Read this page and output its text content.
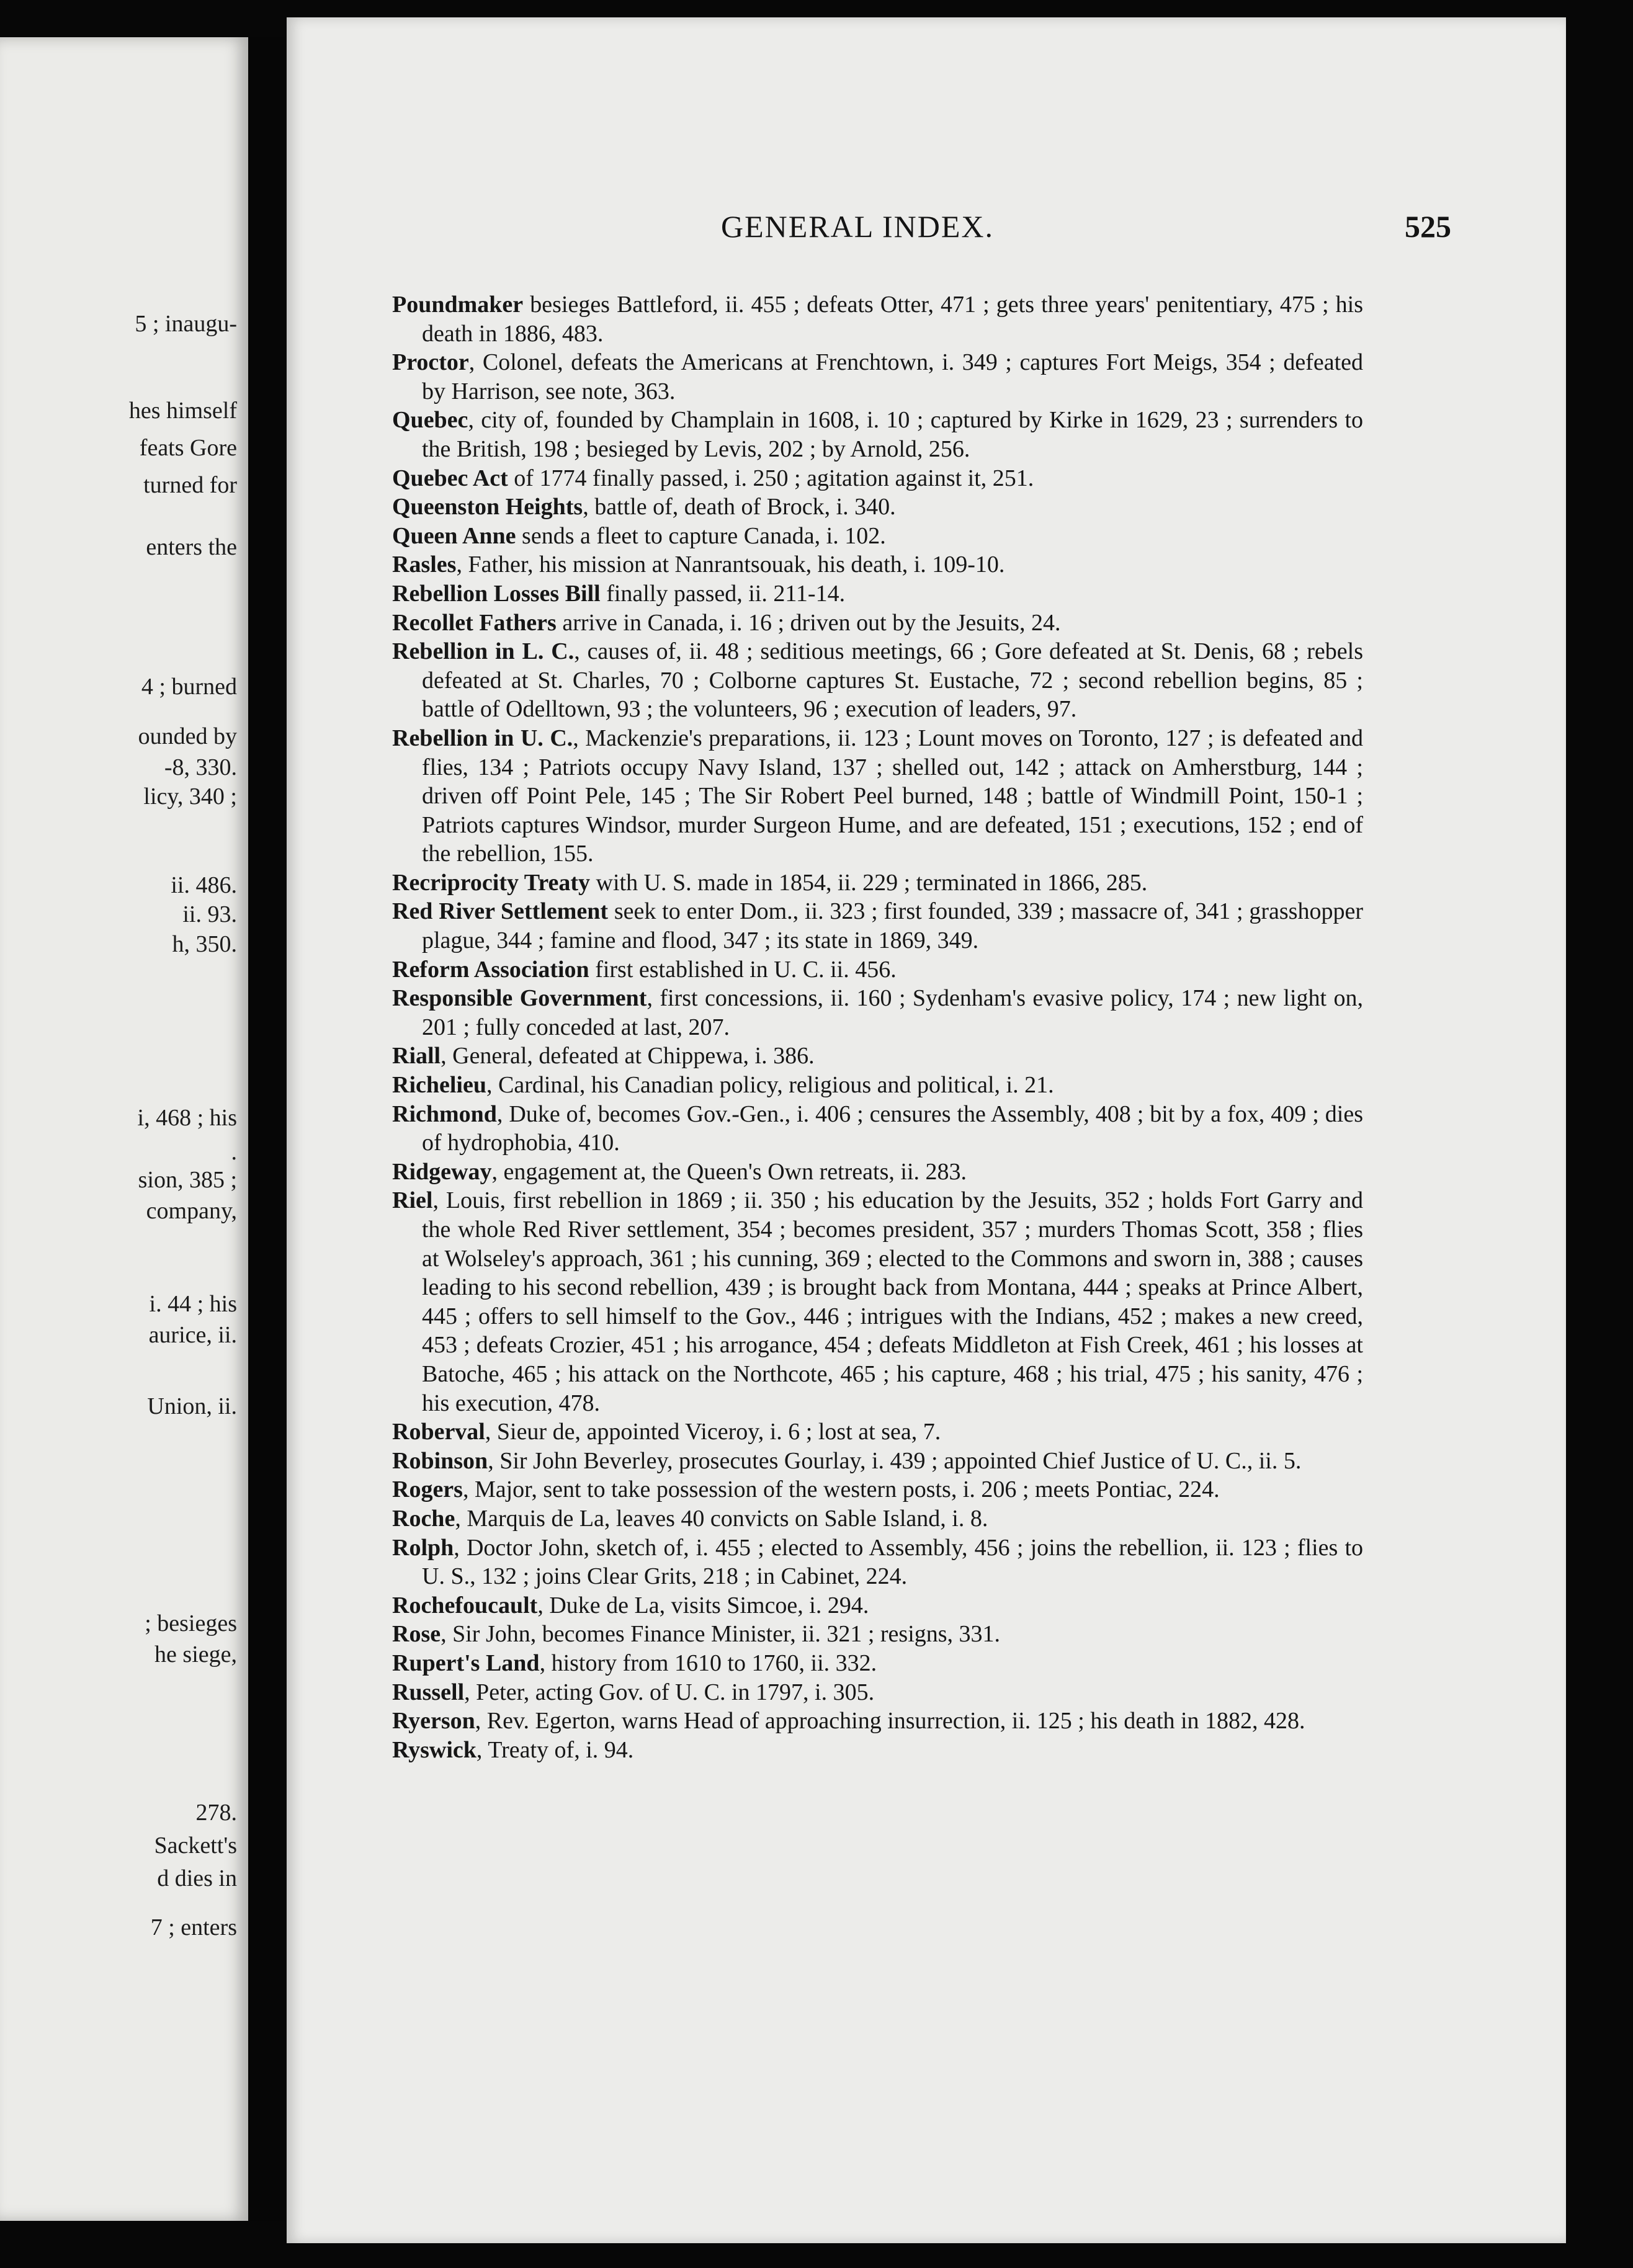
5 ; inaugu-
hes himself
feats Gore
turned for
enters the
4 ; burned
ounded by
-8, 330.
licy, 340 ;
ii. 486.
ii. 93.
h, 350.
i, 468 ; his
.
sion, 385 ;
company,
i. 44 ; his
aurice, ii.
Union, ii.
; besieges
he siege,
278.
Sackett's
d dies in
7 ; enters
GENERAL INDEX.	525

Poundmaker besieges Battleford, ii. 455 ; defeats Otter, 471 ; gets three years' penitentiary, 475 ; his death in 1886, 483.

Proctor, Colonel, defeats the Americans at Frenchtown, i. 349 ; captures Fort Meigs, 354 ; defeated by Harrison, see note, 363.

Quebec, city of, founded by Champlain in 1608, i. 10 ; captured by Kirke in 1629, 23 ; surrenders to the British, 198 ; besieged by Levis, 202 ; by Arnold, 256.

Quebec Act of 1774 finally passed, i. 250 ; agitation against it, 251.

Queenston Heights, battle of, death of Brock, i. 340.

Queen Anne sends a fleet to capture Canada, i. 102.

Rasles, Father, his mission at Nanrantsouak, his death, i. 109-10.

Rebellion Losses Bill finally passed, ii. 211-14.

Recollet Fathers arrive in Canada, i. 16 ; driven out by the Jesuits, 24.

Rebellion in L. C., causes of, ii. 48 ; seditious meetings, 66 ; Gore defeated at St. Denis, 68 ; rebels defeated at St. Charles, 70 ; Colborne captures St. Eustache, 72 ; second rebellion begins, 85 ; battle of Odelltown, 93 ; the volunteers, 96 ; execution of leaders, 97.

Rebellion in U. C., Mackenzie's preparations, ii. 123 ; Lount moves on Toronto, 127 ; is defeated and flies, 134 ; Patriots occupy Navy Island, 137 ; shelled out, 142 ; attack on Amherstburg, 144 ; driven off Point Pele, 145 ; The Sir Robert Peel burned, 148 ; battle of Windmill Point, 150-1 ; Patriots captures Windsor, murder Surgeon Hume, and are defeated, 151 ; executions, 152 ; end of the rebellion, 155.

Recriprocity Treaty with U. S. made in 1854, ii. 229 ; terminated in 1866, 285.

Red River Settlement seek to enter Dom., ii. 323 ; first founded, 339 ; massacre of, 341 ; grasshopper plague, 344 ; famine and flood, 347 ; its state in 1869, 349.

Reform Association first established in U. C. ii. 456.

Responsible Government, first concessions, ii. 160 ; Sydenham's evasive policy, 174 ; new light on, 201 ; fully conceded at last, 207.

Riall, General, defeated at Chippewa, i. 386.

Richelieu, Cardinal, his Canadian policy, religious and political, i. 21.

Richmond, Duke of, becomes Gov.-Gen., i. 406 ; censures the Assembly, 408 ; bit by a fox, 409 ; dies of hydrophobia, 410.

Ridgeway, engagement at, the Queen's Own retreats, ii. 283.

Riel, Louis, first rebellion in 1869 ; ii. 350 ; his education by the Jesuits, 352 ; holds Fort Garry and the whole Red River settlement, 354 ; becomes president, 357 ; murders Thomas Scott, 358 ; flies at Wolseley's approach, 361 ; his cunning, 369 ; elected to the Commons and sworn in, 388 ; causes leading to his second rebellion, 439 ; is brought back from Montana, 444 ; speaks at Prince Albert, 445 ; offers to sell himself to the Gov., 446 ; intrigues with the Indians, 452 ; makes a new creed, 453 ; defeats Crozier, 451 ; his arrogance, 454 ; defeats Middleton at Fish Creek, 461 ; his losses at Batoche, 465 ; his attack on the Northcote, 465 ; his capture, 468 ; his trial, 475 ; his sanity, 476 ; his execution, 478.

Roberval, Sieur de, appointed Viceroy, i. 6 ; lost at sea, 7.

Robinson, Sir John Beverley, prosecutes Gourlay, i. 439 ; appointed Chief Justice of U. C., ii. 5.

Rogers, Major, sent to take possession of the western posts, i. 206 ; meets Pontiac, 224.

Roche, Marquis de La, leaves 40 convicts on Sable Island, i. 8.

Rolph, Doctor John, sketch of, i. 455 ; elected to Assembly, 456 ; joins the rebellion, ii. 123 ; flies to U. S., 132 ; joins Clear Grits, 218 ; in Cabinet, 224.

Rochefoucault, Duke de La, visits Simcoe, i. 294.

Rose, Sir John, becomes Finance Minister, ii. 321 ; resigns, 331.

Rupert's Land, history from 1610 to 1760, ii. 332.

Russell, Peter, acting Gov. of U. C. in 1797, i. 305.

Ryerson, Rev. Egerton, warns Head of approaching insurrection, ii. 125 ; his death in 1882, 428.

Ryswick, Treaty of, i. 94.
